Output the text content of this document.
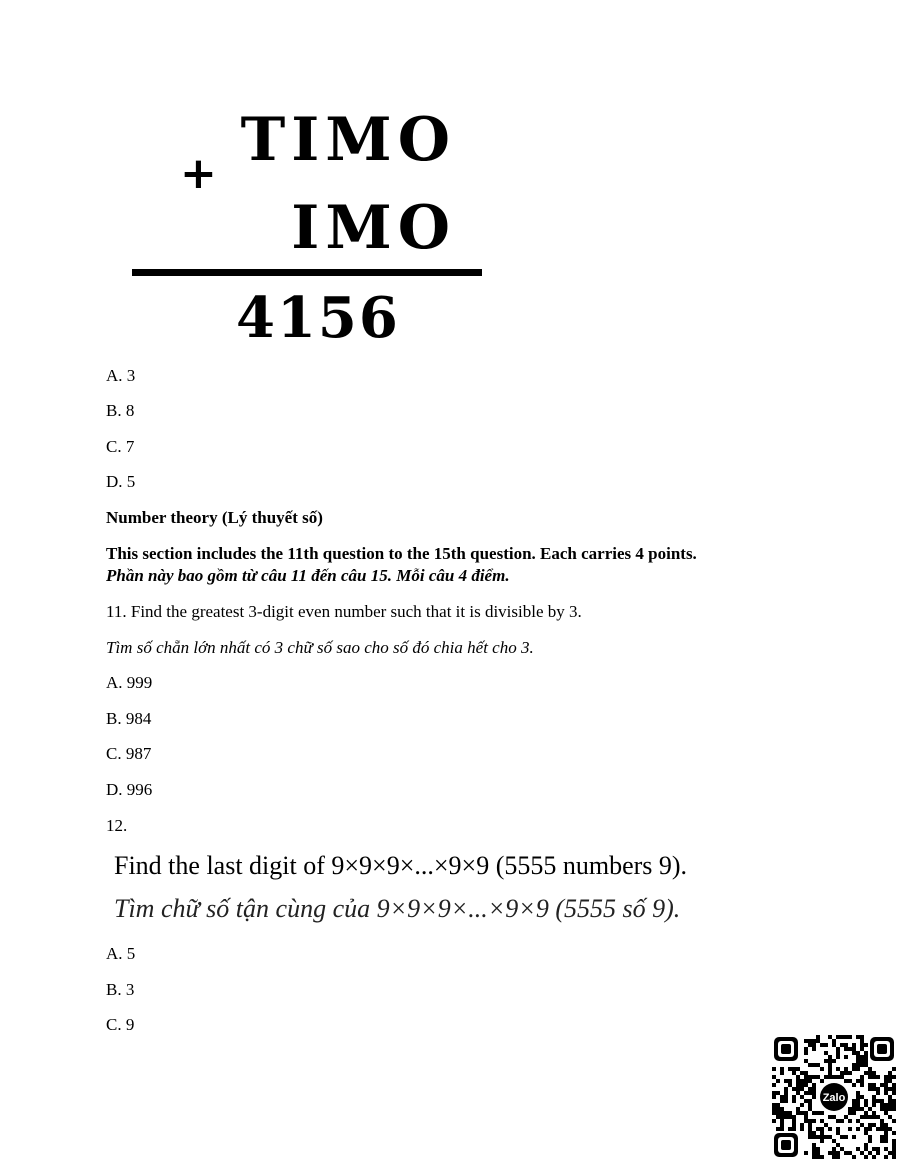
TIMO
+
IMO
4156
A. 3
B. 8
C. 7
D. 5
Number theory (Lý thuyết số)
This section includes the 11th question to the 15th question. Each carries 4 points.
Phần này bao gồm từ câu 11 đến câu 15. Mỗi câu 4 điểm.
11. Find the greatest 3-digit even number such that it is divisible by 3.
Tìm số chẵn lớn nhất có 3 chữ số sao cho số đó chia hết cho 3.
A. 999
B. 984
C. 987
D. 996
12.
Find the last digit of 9×9×9×...×9×9 (5555 numbers 9).
Tìm chữ số tận cùng của 9×9×9×...×9×9 (5555 số 9).
A. 5
B. 3
C. 9
Zalo
